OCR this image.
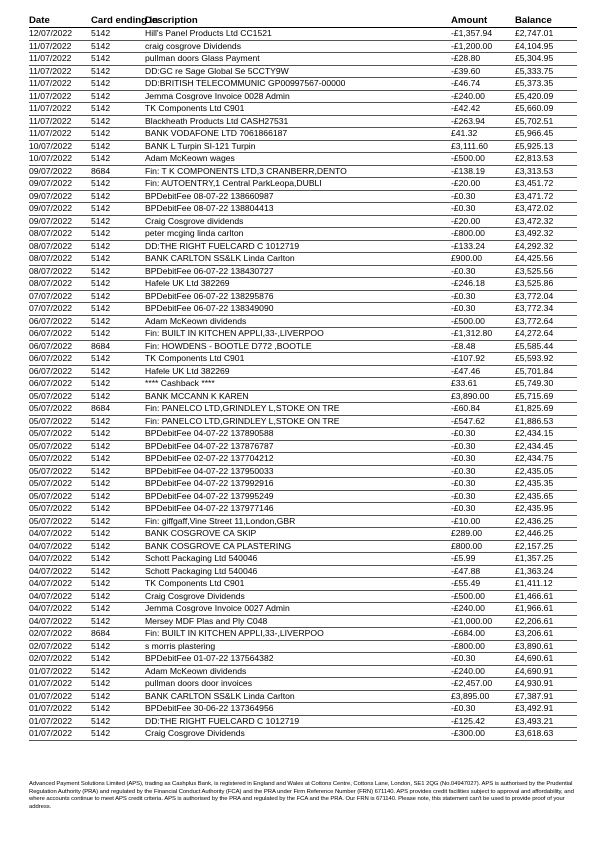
Date	Card ending in	Description	Amount	Balance
12/07/2022	5142	Hill's Panel Products Ltd CC1521	-£1,357.94	£2,747.01
11/07/2022	5142	craig cosgrove Dividends	-£1,200.00	£4,104.95
11/07/2022	5142	pullman doors Glass Payment	-£28.80	£5,304.95
11/07/2022	5142	DD:GC re Sage Global Se 5CCTY9W	-£39.60	£5,333.75
11/07/2022	5142	DD:BRITISH TELECOMMUNIC GP00997567-00000	-£46.74	£5,373.35
11/07/2022	5142	Jemma Cosgrove Invoice 0028 Admin	-£240.00	£5,420.09
11/07/2022	5142	TK Components Ltd C901	-£42.42	£5,660.09
11/07/2022	5142	Blackheath Products Ltd CASH27531	-£263.94	£5,702.51
11/07/2022	5142	BANK VODAFONE LTD 7061866187	£41.32	£5,966.45
10/07/2022	5142	BANK L Turpin SI-121 Turpin	£3,111.60	£5,925.13
10/07/2022	5142	Adam McKeown wages	-£500.00	£2,813.53
09/07/2022	8684	Fin: T K COMPONENTS LTD,3 CRANBERR,DENTO	-£138.19	£3,313.53
09/07/2022	5142	Fin: AUTOENTRY,1 Central ParkLeopa,DUBLI	-£20.00	£3,451.72
09/07/2022	5142	BPDebitFee 08-07-22 138660987	-£0.30	£3,471.72
09/07/2022	5142	BPDebitFee 08-07-22 138804413	-£0.30	£3,472.02
09/07/2022	5142	Craig Cosgrove dividends	-£20.00	£3,472.32
08/07/2022	5142	peter mcging linda carlton	-£800.00	£3,492.32
08/07/2022	5142	DD:THE RIGHT FUELCARD C 1012719	-£133.24	£4,292.32
08/07/2022	5142	BANK CARLTON SS&LK Linda Carlton	£900.00	£4,425.56
08/07/2022	5142	BPDebitFee 06-07-22 138430727	-£0.30	£3,525.56
08/07/2022	5142	Hafele UK Ltd 382269	-£246.18	£3,525.86
07/07/2022	5142	BPDebitFee 06-07-22 138295876	-£0.30	£3,772.04
07/07/2022	5142	BPDebitFee 06-07-22 138349090	-£0.30	£3,772.34
06/07/2022	5142	Adam McKeown dividends	-£500.00	£3,772.64
06/07/2022	5142	Fin: BUILT IN KITCHEN APPLI,33-,LIVERPOO	-£1,312.80	£4,272.64
06/07/2022	8684	Fin: HOWDENS - BOOTLE D772 ,BOOTLE	-£8.48	£5,585.44
06/07/2022	5142	TK Components Ltd C901	-£107.92	£5,593.92
06/07/2022	5142	Hafele UK Ltd 382269	-£47.46	£5,701.84
06/07/2022	5142	**** Cashback ****	£33.61	£5,749.30
05/07/2022	5142	BANK MCCANN K KAREN	£3,890.00	£5,715.69
05/07/2022	8684	Fin: PANELCO LTD,GRINDLEY L,STOKE ON TRE	-£60.84	£1,825.69
05/07/2022	5142	Fin: PANELCO LTD,GRINDLEY L,STOKE ON TRE	-£547.62	£1,886.53
05/07/2022	5142	BPDebitFee 04-07-22 137890588	-£0.30	£2,434.15
05/07/2022	5142	BPDebitFee 04-07-22 137876787	-£0.30	£2,434.45
05/07/2022	5142	BPDebitFee 02-07-22 137704212	-£0.30	£2,434.75
05/07/2022	5142	BPDebitFee 04-07-22 137950033	-£0.30	£2,435.05
05/07/2022	5142	BPDebitFee 04-07-22 137992916	-£0.30	£2,435.35
05/07/2022	5142	BPDebitFee 04-07-22 137995249	-£0.30	£2,435.65
05/07/2022	5142	BPDebitFee 04-07-22 137977146	-£0.30	£2,435.95
05/07/2022	5142	Fin: giffgaff,Vine Street 11,London,GBR	-£10.00	£2,436.25
04/07/2022	5142	BANK COSGROVE CA SKIP	£289.00	£2,446.25
04/07/2022	5142	BANK COSGROVE CA PLASTERING	£800.00	£2,157.25
04/07/2022	5142	Schott Packaging Ltd 540046	-£5.99	£1,357.25
04/07/2022	5142	Schott Packaging Ltd 540046	-£47.88	£1,363.24
04/07/2022	5142	TK Components Ltd C901	-£55.49	£1,411.12
04/07/2022	5142	Craig Cosgrove Dividends	-£500.00	£1,466.61
04/07/2022	5142	Jemma Cosgrove Invoice 0027 Admin	-£240.00	£1,966.61
04/07/2022	5142	Mersey MDF Plas and Ply C048	-£1,000.00	£2,206.61
02/07/2022	8684	Fin: BUILT IN KITCHEN APPLI,33-,LIVERPOO	-£684.00	£3,206.61
02/07/2022	5142	s morris plastering	-£800.00	£3,890.61
02/07/2022	5142	BPDebitFee 01-07-22 137564382	-£0.30	£4,690.61
01/07/2022	5142	Adam McKeown dividends	-£240.00	£4,690.91
01/07/2022	5142	pullman doors door invoices	-£2,457.00	£4,930.91
01/07/2022	5142	BANK CARLTON SS&LK Linda Carlton	£3,895.00	£7,387.91
01/07/2022	5142	BPDebitFee 30-06-22 137364956	-£0.30	£3,492.91
01/07/2022	5142	DD:THE RIGHT FUELCARD C 1012719	-£125.42	£3,493.21
01/07/2022	5142	Craig Cosgrove Dividends	-£300.00	£3,618.63
Advanced Payment Solutions Limited (APS), trading as Cashplus Bank, is registered in England and Wales at Cottons Centre, Cottons Lane, London, SE1 2QG (No.04947027). APS is authorised by the Prudential Regulation Authority (PRA) and regulated by the Financial Conduct Authority (FCA) and the PRA under Firm Reference Number (FRN) 671140. APS provides credit facilities subject to approval and affordability, and where accounts continue to meet APS credit criteria. APS is authorised by the PRA and regulated by the FCA and the PRA. Our FRN is 671140. Please note, this statement can't be used to provide proof of your address.
